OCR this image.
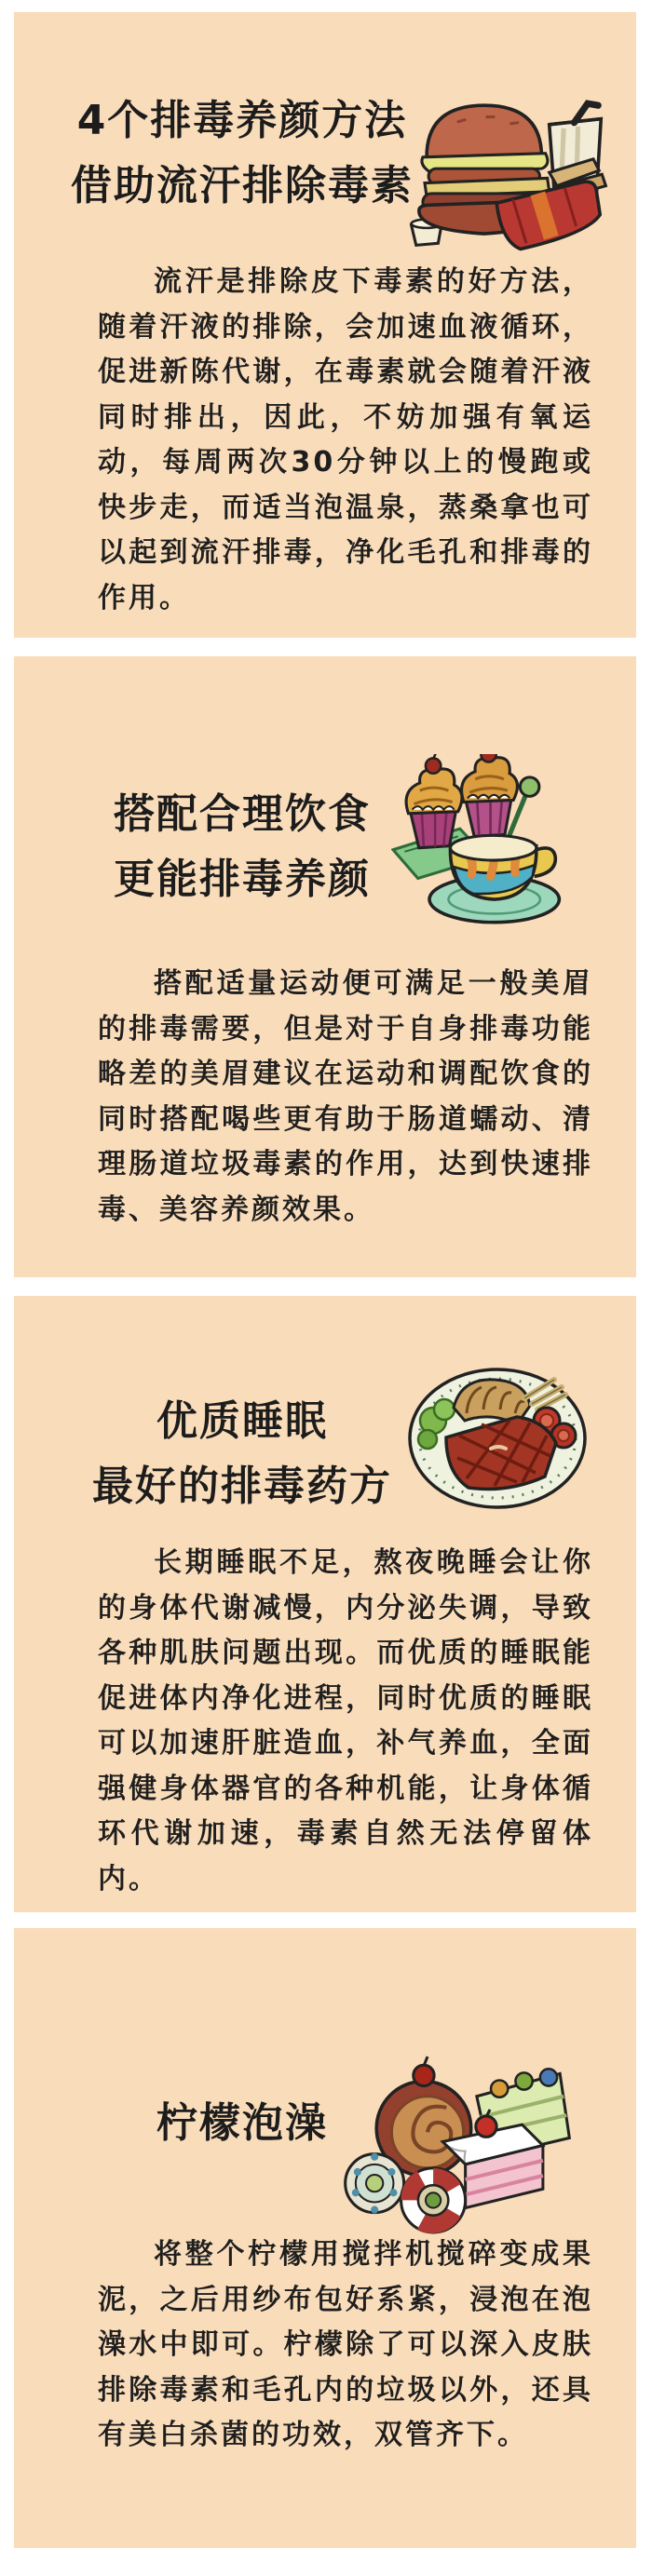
4个排毒养颜方法
借助流汗排除毒素

流汗是排除皮下毒素的好方法，随着汗液的排除，会加速血液循环，促进新陈代谢，在毒素就会随着汗液同时排出，因此，不妨加强有氧运动，每周两次30分钟以上的慢跑或快步走，而适当泡温泉，蒸桑拿也可以起到流汗排毒，净化毛孔和排毒的作用。

搭配合理饮食
更能排毒养颜

搭配适量运动便可满足一般美眉的排毒需要，但是对于自身排毒功能略差的美眉建议在运动和调配饮食的同时搭配喝些更有助于肠道蠕动、清理肠道垃圾毒素的作用，达到快速排毒、美容养颜效果。

优质睡眠
最好的排毒药方

长期睡眠不足，熬夜晚睡会让你的身体代谢减慢，内分泌失调，导致各种肌肤问题出现。而优质的睡眠能促进体内净化进程，同时优质的睡眠可以加速肝脏造血，补气养血，全面强健身体器官的各种机能，让身体循环代谢加速，毒素自然无法停留体内。

柠檬泡澡

将整个柠檬用搅拌机搅碎变成果泥，之后用纱布包好系紧，浸泡在泡澡水中即可。柠檬除了可以深入皮肤排除毒素和毛孔内的垃圾以外，还具有美白杀菌的功效，双管齐下。
